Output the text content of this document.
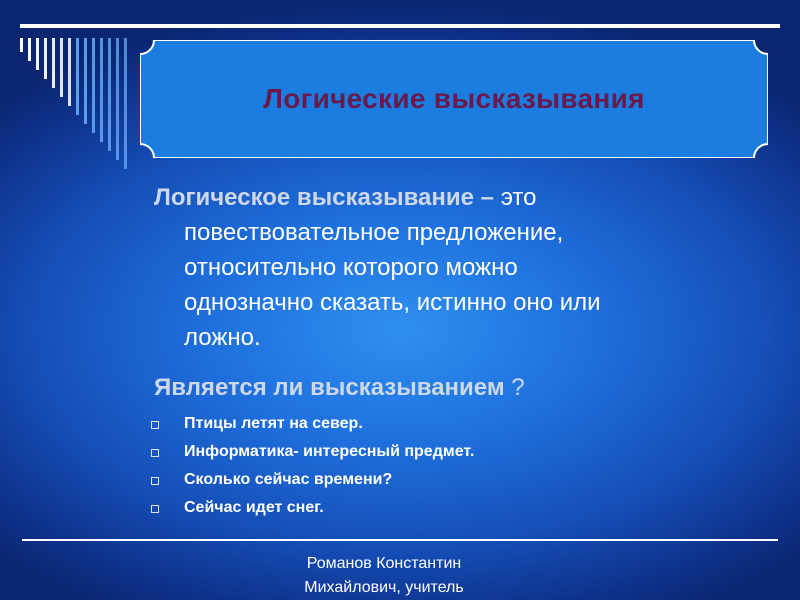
Логические высказывания
Логическое высказывание – это
повествовательное предложение,
относительно которого можно
однозначно сказать, истинно оно или
ложно.
Является ли высказыванием ?
Птицы летят на север.
Информатика- интересный предмет.
Сколько сейчас времени?
Сейчас идет снег.
Романов Константин
Михайлович, учитель
